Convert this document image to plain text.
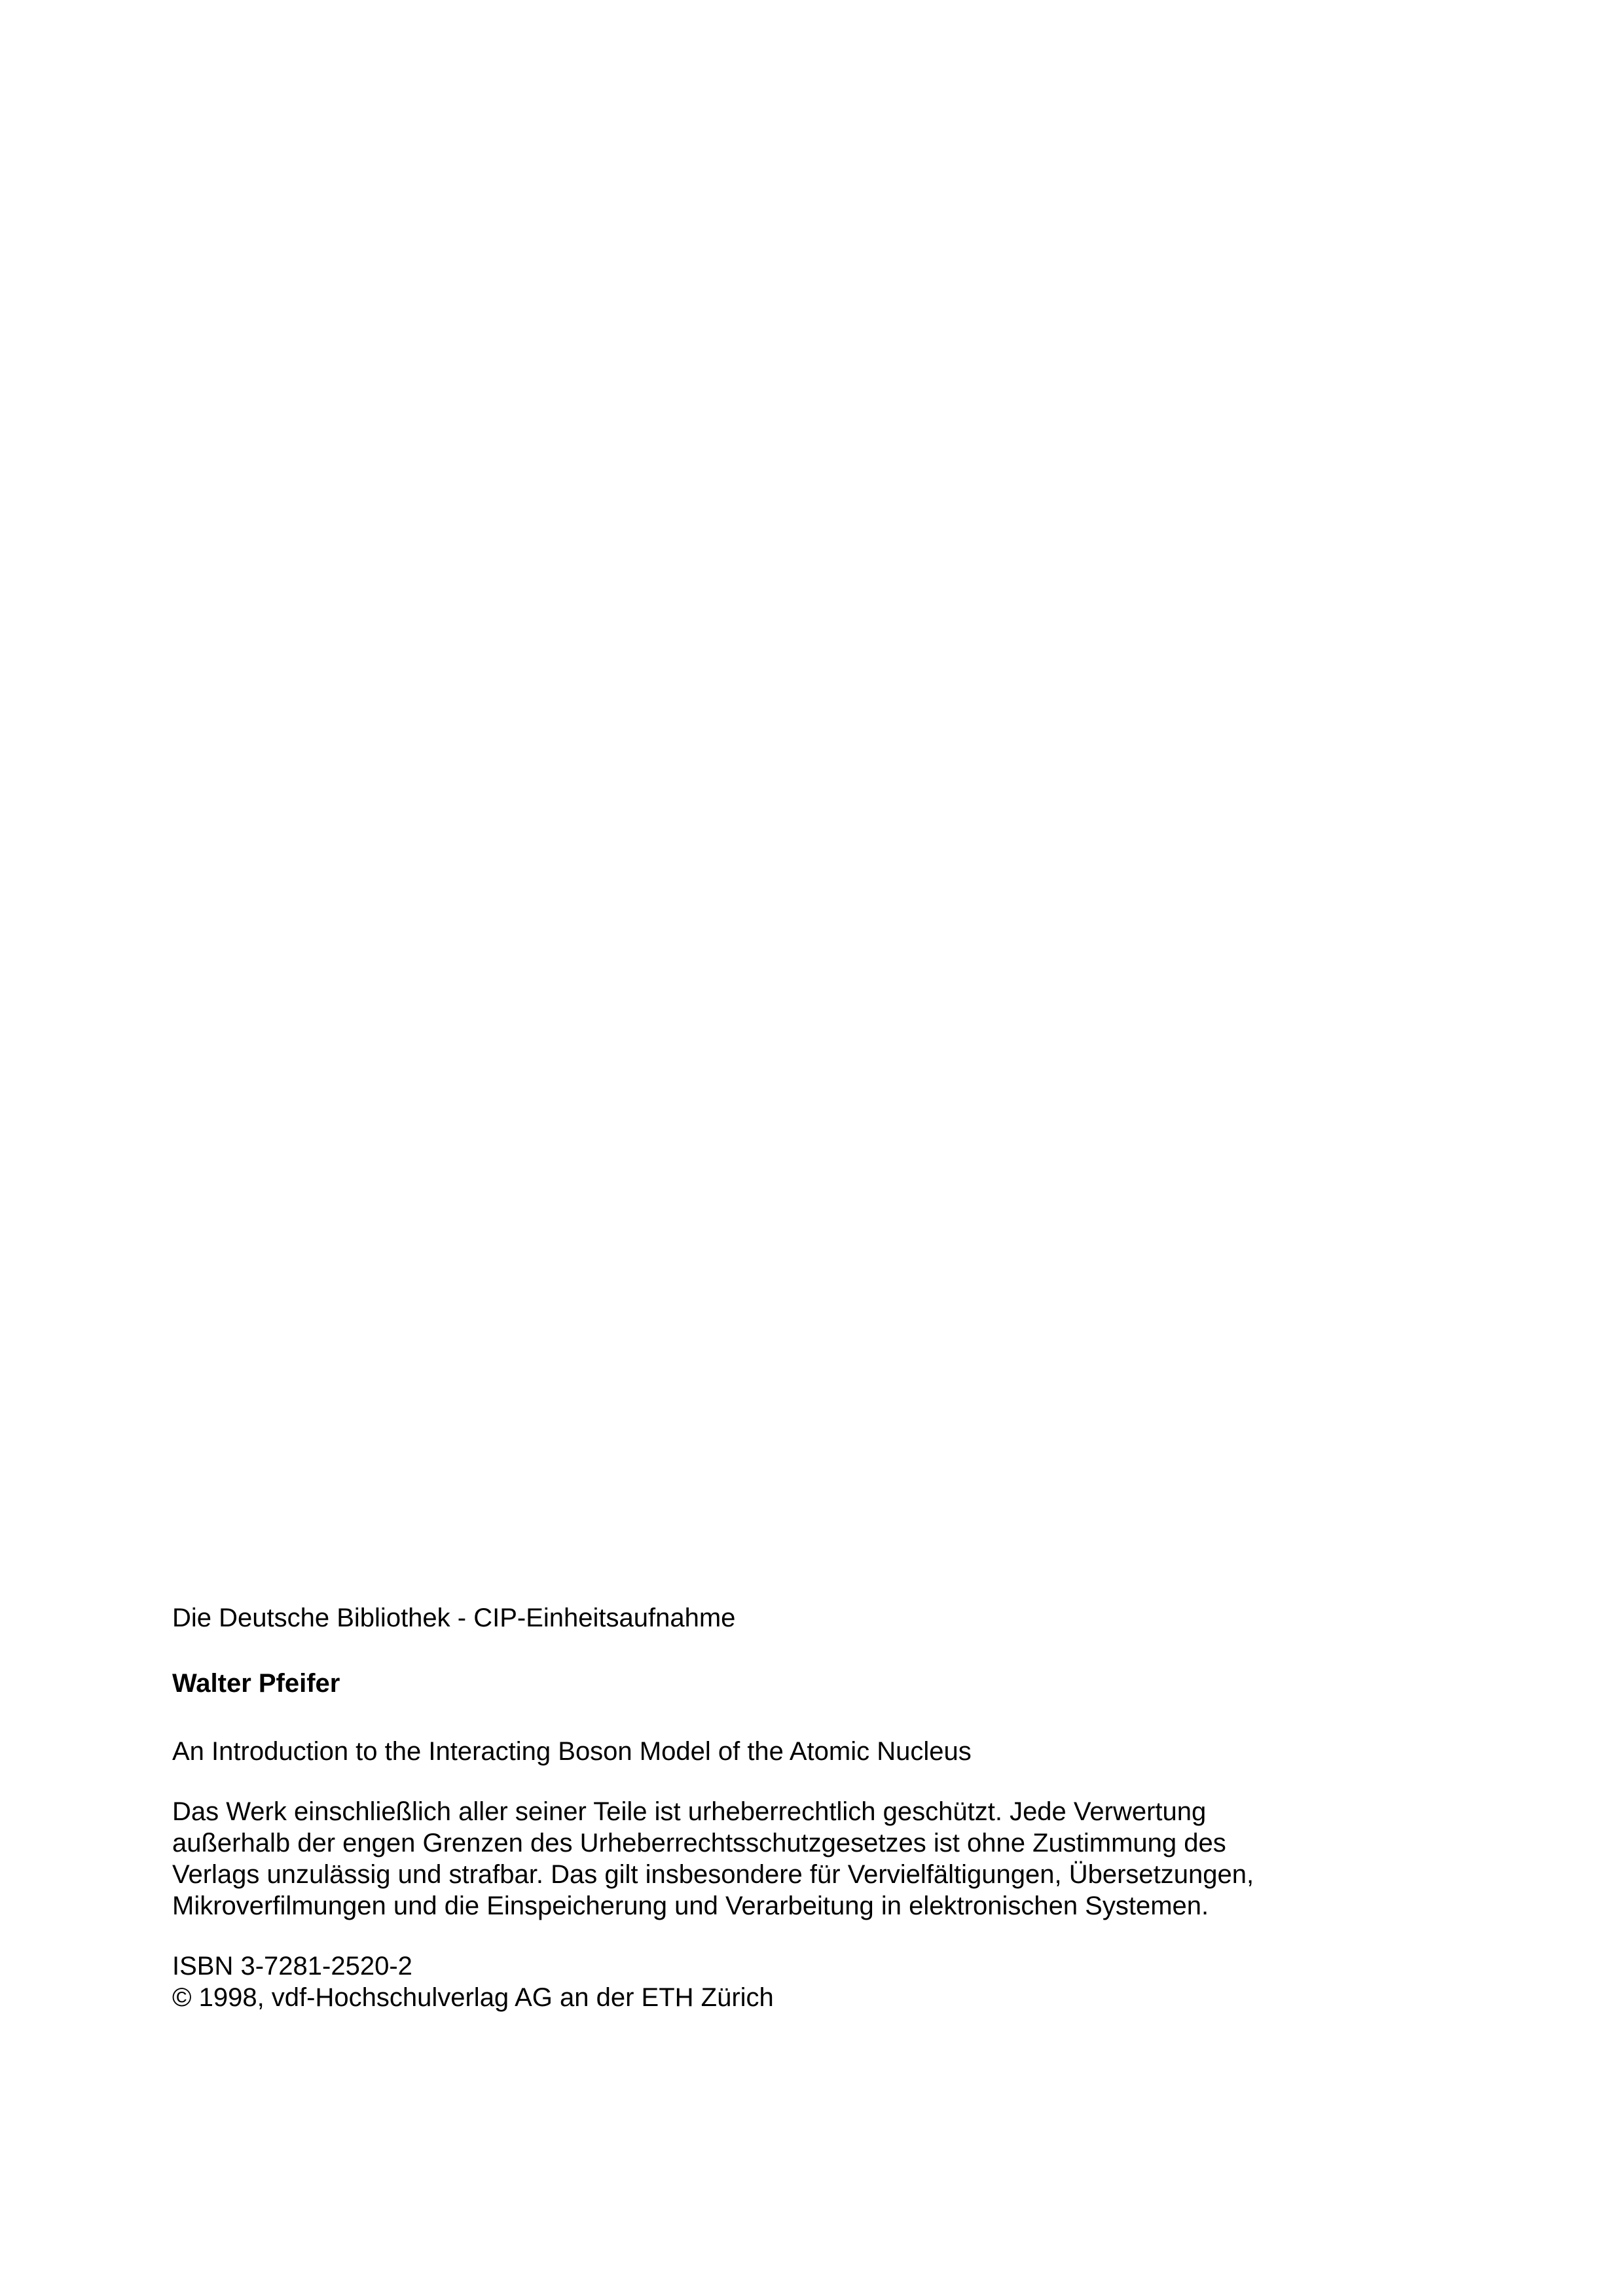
Die Deutsche Bibliothek - CIP-Einheitsaufnahme

Walter Pfeifer

An Introduction to the Interacting Boson Model of the Atomic Nucleus

Das Werk einschließlich aller seiner Teile ist urheberrechtlich geschützt. Jede Verwertung
außerhalb der engen Grenzen des Urheberrechtsschutzgesetzes ist ohne Zustimmung des
Verlags unzulässig und strafbar. Das gilt insbesondere für Vervielfältigungen, Übersetzungen,
Mikroverfilmungen und die Einspeicherung und Verarbeitung in elektronischen Systemen.

ISBN 3-7281-2520-2

© 1998, vdf-Hochschulverlag AG an der ETH Zürich
